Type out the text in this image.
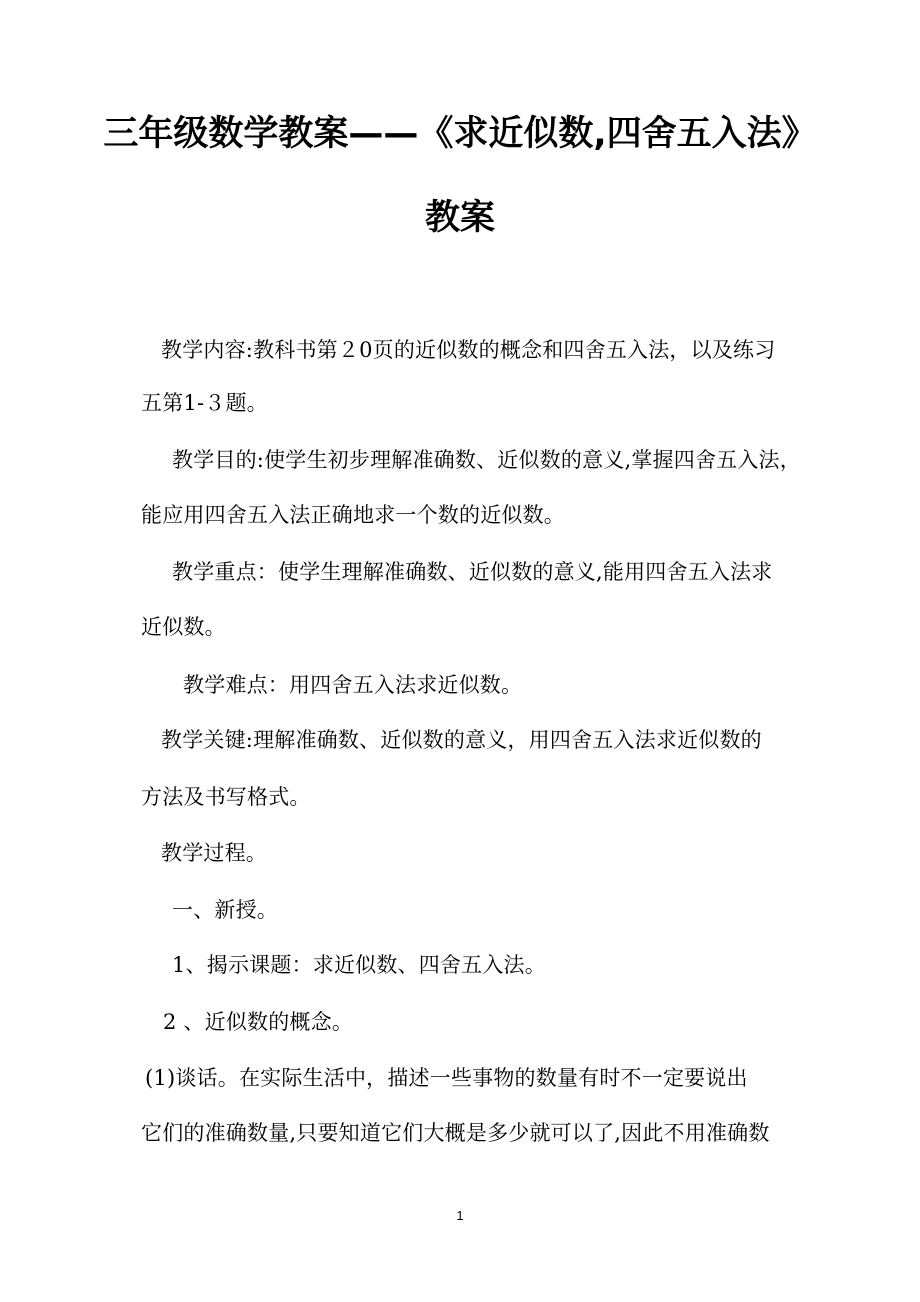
三年级数学教案——《求近似数,四舍五入法》
教案
教学内容:教科书第２0页的近似数的概念和四舍五入法，以及练习
五第1-３题。
教学目的:使学生初步理解准确数、近似数的意义,掌握四舍五入法，
能应用四舍五入法正确地求一个数的近似数。
教学重点：使学生理解准确数、近似数的意义,能用四舍五入法求
近似数。
教学难点：用四舍五入法求近似数。
教学关键:理解准确数、近似数的意义，用四舍五入法求近似数的
方法及书写格式。
教学过程。
一、新授。
1、揭示课题：求近似数、四舍五入法。
2 、近似数的概念。
(1)谈话。在实际生活中，描述一些事物的数量有时不一定要说出
它们的准确数量,只要知道它们大概是多少就可以了,因此不用准确数
1
